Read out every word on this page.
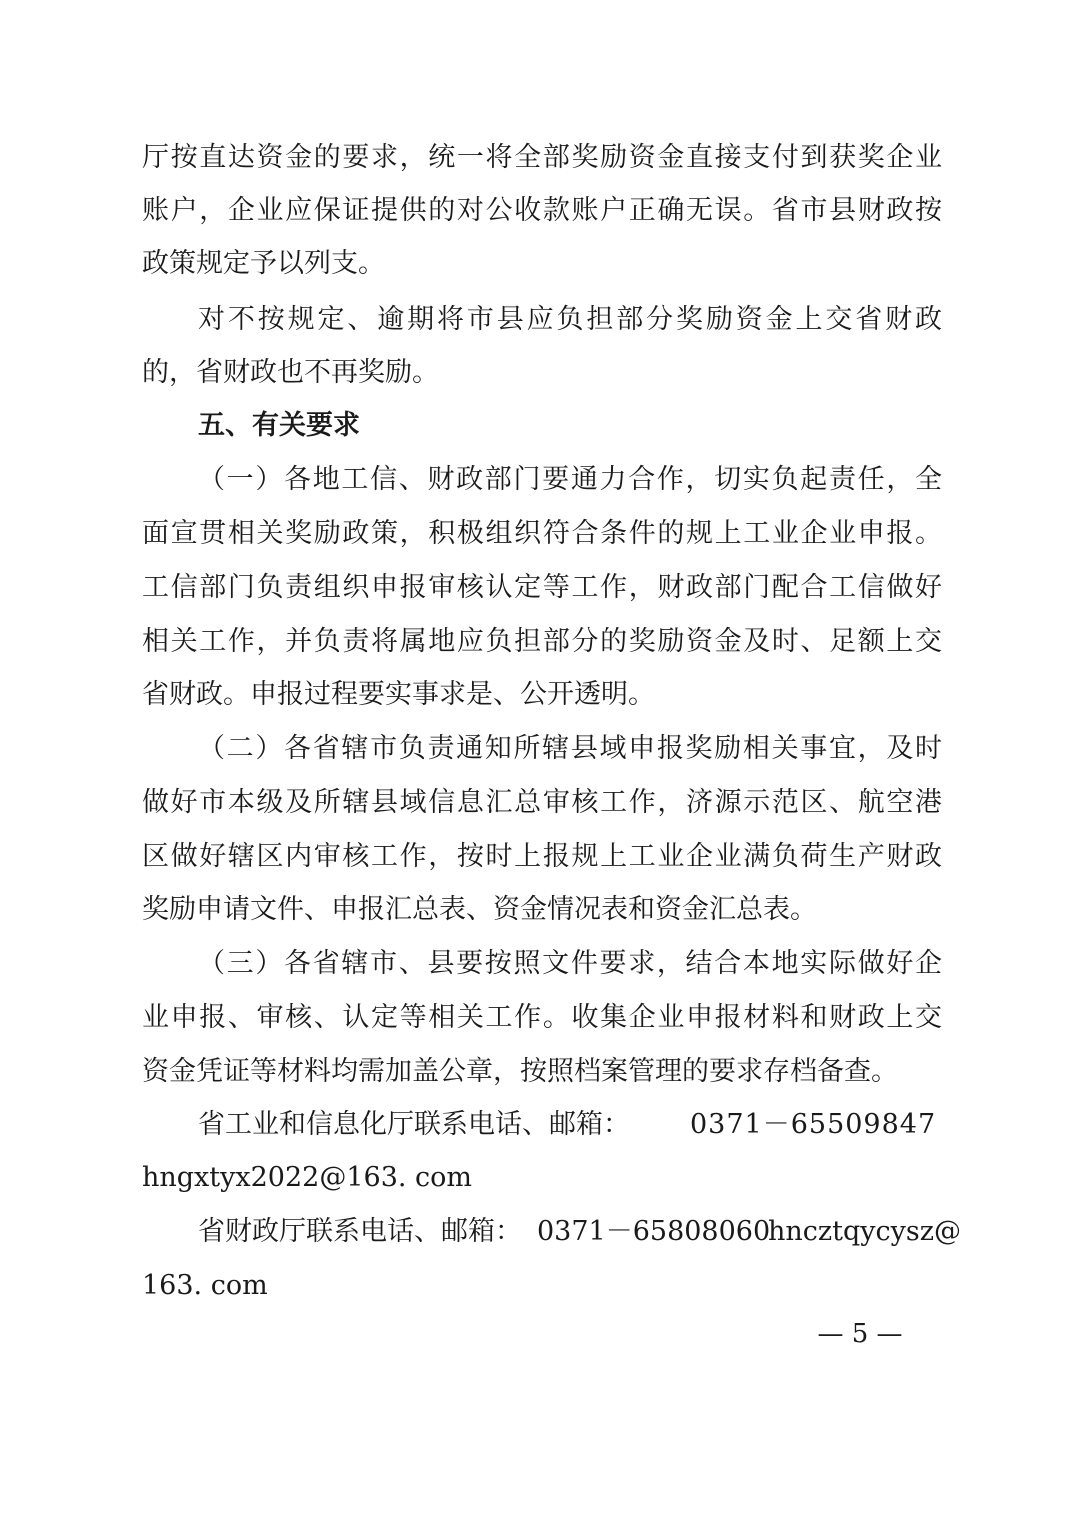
厅按直达资金的要求，统一将全部奖励资金直接支付到获奖企业
账户，企业应保证提供的对公收款账户正确无误。省市县财政按
政策规定予以列支。
对不按规定、逾期将市县应负担部分奖励资金上交省财政
的，省财政也不再奖励。
五、有关要求
（一）各地工信、财政部门要通力合作，切实负起责任，全
面宣贯相关奖励政策，积极组织符合条件的规上工业企业申报。
工信部门负责组织申报审核认定等工作，财政部门配合工信做好
相关工作，并负责将属地应负担部分的奖励资金及时、足额上交
省财政。申报过程要实事求是、公开透明。
（二）各省辖市负责通知所辖县域申报奖励相关事宜，及时
做好市本级及所辖县域信息汇总审核工作，济源示范区、航空港
区做好辖区内审核工作，按时上报规上工业企业满负荷生产财政
奖励申请文件、申报汇总表、资金情况表和资金汇总表。
（三）各省辖市、县要按照文件要求，结合本地实际做好企
业申报、审核、认定等相关工作。收集企业申报材料和财政上交
资金凭证等材料均需加盖公章，按照档案管理的要求存档备查。
省工业和信息化厅联系电话、邮箱： 0371－65509847
hngxtyx2022@163. com
省财政厅联系电话、邮箱： 0371－65808060
hncztqycysz@
163. com
— 5 —
